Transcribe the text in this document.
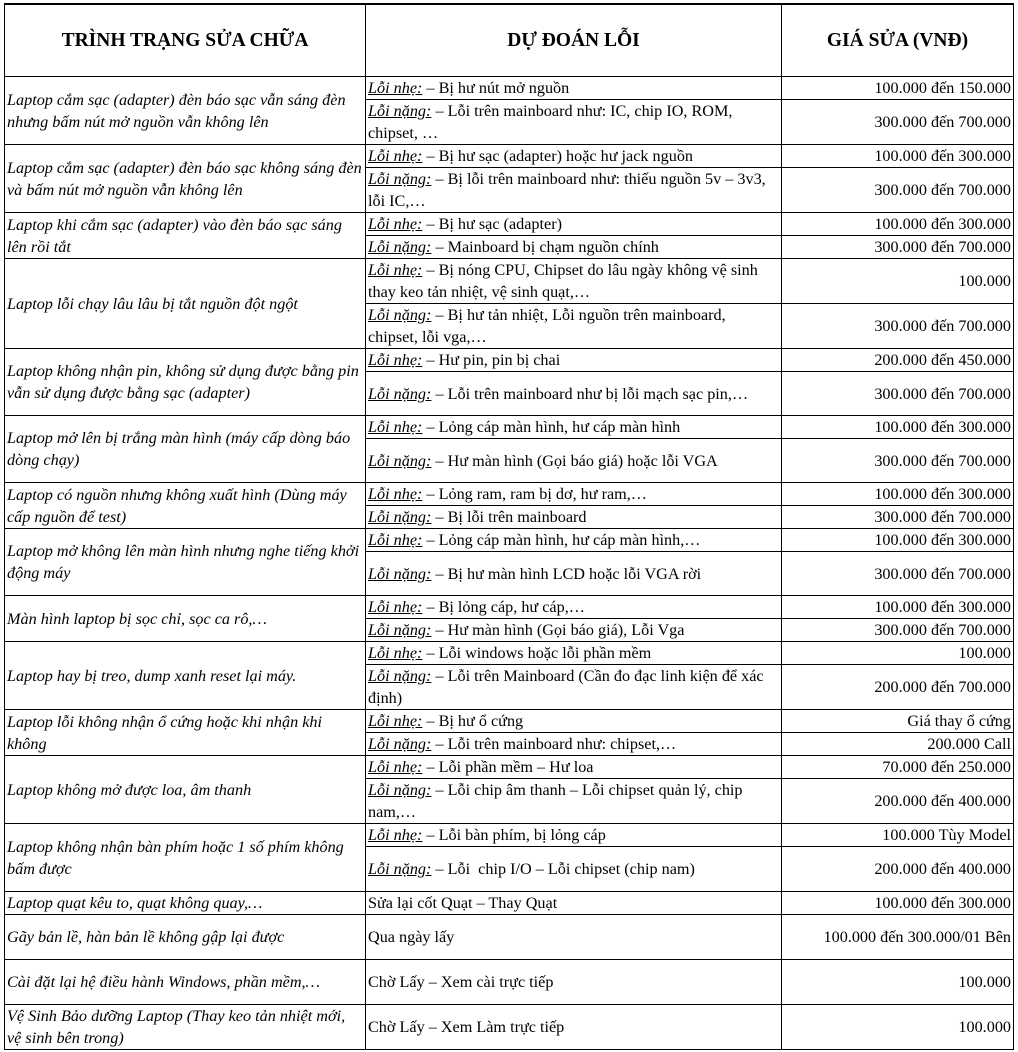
TRÌNH TRẠNG SỬA CHỮA	DỰ ĐOÁN LỖI	GIÁ SỬA (VNĐ)
Laptop cắm sạc (adapter) đèn báo sạc vẫn sáng đèn nhưng bấm nút mở nguồn vẫn không lên	Lỗi nhẹ: – Bị hư nút mở nguồn	100.000 đến 150.000
	Lỗi nặng: – Lỗi trên mainboard như: IC, chip IO, ROM, chipset, …	300.000 đến 700.000
Laptop cắm sạc (adapter) đèn báo sạc không sáng đèn và bấm nút mở nguồn vẫn không lên	Lỗi nhẹ: – Bị hư sạc (adapter) hoặc hư jack nguồn	100.000 đến 300.000
	Lỗi nặng: – Bị lỗi trên mainboard như: thiếu nguồn 5v – 3v3, lỗi IC,…	300.000 đến 700.000
Laptop khi cắm sạc (adapter) vào đèn báo sạc sáng lên rồi tắt	Lỗi nhẹ: – Bị hư sạc (adapter)	100.000 đến 300.000
	Lỗi nặng: – Mainboard bị chạm nguồn chính	300.000 đến 700.000
Laptop lỗi chạy lâu lâu bị tắt nguồn đột ngột	Lỗi nhẹ: – Bị nóng CPU, Chipset do lâu ngày không vệ sinh thay keo tản nhiệt, vệ sinh quạt,…	100.000
	Lỗi nặng: – Bị hư tản nhiệt, Lỗi nguồn trên mainboard, chipset, lỗi vga,…	300.000 đến 700.000
Laptop không nhận pin, không sử dụng được bằng pin vẫn sử dụng được bằng sạc (adapter)	Lỗi nhẹ: – Hư pin, pin bị chai	200.000 đến 450.000
	Lỗi nặng: – Lỗi trên mainboard như bị lỗi mạch sạc pin,…	300.000 đến 700.000
Laptop mở lên bị trắng màn hình (máy cấp dòng báo dòng chạy)	Lỗi nhẹ: – Lỏng cáp màn hình, hư cáp màn hình	100.000 đến 300.000
	Lỗi nặng: – Hư màn hình (Gọi báo giá) hoặc lỗi VGA	300.000 đến 700.000
Laptop có nguồn nhưng không xuất hình (Dùng máy cấp nguồn để test)	Lỗi nhẹ: – Lỏng ram, ram bị dơ, hư ram,…	100.000 đến 300.000
	Lỗi nặng: – Bị lỗi trên mainboard	300.000 đến 700.000
Laptop mở không lên màn hình nhưng nghe tiếng khởi động máy	Lỗi nhẹ: – Lỏng cáp màn hình, hư cáp màn hình,…	100.000 đến 300.000
	Lỗi nặng: – Bị hư màn hình LCD hoặc lỗi VGA rời	300.000 đến 700.000
Màn hình laptop bị sọc chỉ, sọc ca rô,…	Lỗi nhẹ: – Bị lỏng cáp, hư cáp,…	100.000 đến 300.000
	Lỗi nặng: – Hư màn hình (Gọi báo giá), Lỗi Vga	300.000 đến 700.000
Laptop hay bị treo, dump xanh reset lại máy.	Lỗi nhẹ: – Lỗi windows hoặc lỗi phần mềm	100.000
	Lỗi nặng: – Lỗi trên Mainboard (Cần đo đạc linh kiện để xác định)	200.000 đến 700.000
Laptop lỗi không nhận ổ cứng hoặc khi nhận khi không	Lỗi nhẹ: – Bị hư ổ cứng	Giá thay ổ cứng
	Lỗi nặng: – Lỗi trên mainboard như: chipset,…	200.000 Call
Laptop không mở được loa, âm thanh	Lỗi nhẹ: – Lỗi phần mềm – Hư loa	70.000 đến 250.000
	Lỗi nặng: – Lỗi chip âm thanh – Lỗi chipset quản lý, chip nam,…	200.000 đến 400.000
Laptop không nhận bàn phím hoặc 1 số phím không bấm được	Lỗi nhẹ: – Lỗi bàn phím, bị lỏng cáp	100.000 Tùy Model
	Lỗi nặng: – Lỗi  chip I/O – Lỗi chipset (chip nam)	200.000 đến 400.000
Laptop quạt kêu to, quạt không quay,…	Sửa lại cốt Quạt – Thay Quạt	100.000 đến 300.000
Gãy bản lề, hàn bản lề không gập lại được	Qua ngày lấy	100.000 đến 300.000/01 Bên
Cài đặt lại hệ điều hành Windows, phần mềm,…	Chờ Lấy – Xem cài trực tiếp	100.000
Vệ Sinh Bảo dưỡng Laptop (Thay keo tản nhiệt mới, vệ sinh bên trong)	Chờ Lấy – Xem Làm trực tiếp	100.000
